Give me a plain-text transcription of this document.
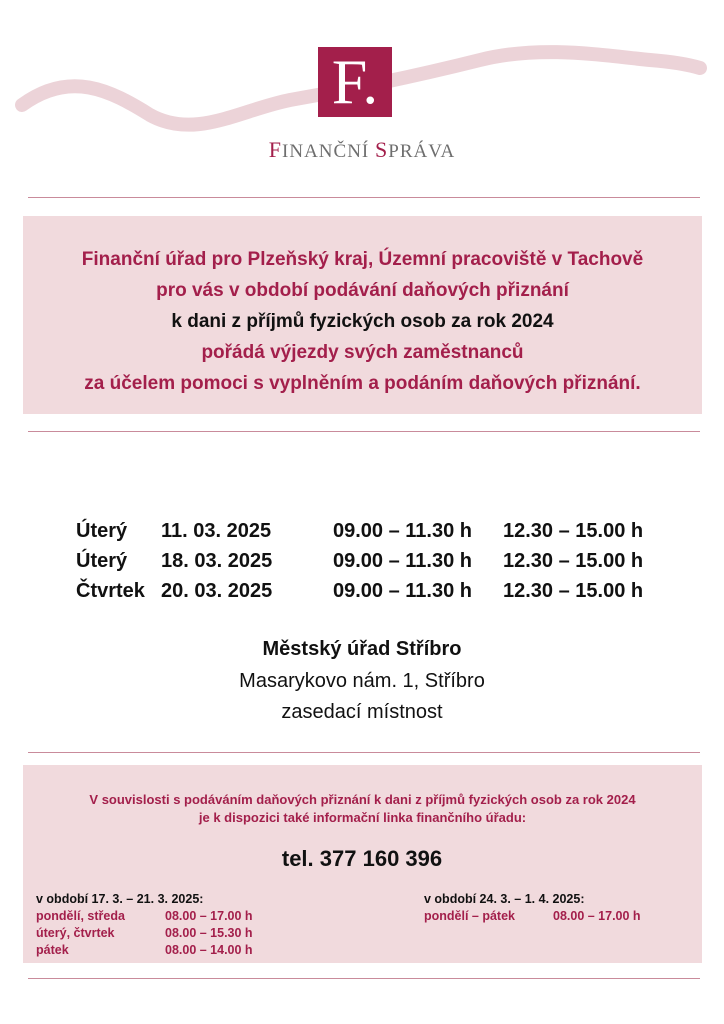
F.
FINANČNÍ SPRÁVA
Finanční úřad pro Plzeňský kraj, Územní pracoviště v Tachově
pro vás v období podávání daňových přiznání
k dani z příjmů fyzických osob za rok 2024
pořádá výjezdy svých zaměstnanců
za účelem pomoci s vyplněním a podáním daňových přiznání.
Úterý 11. 03. 2025	09.00 – 11.30 h 12.30 – 15.00 h
Úterý 18. 03. 2025	09.00 – 11.30 h 12.30 – 15.00 h
Čtvrtek 20. 03. 2025	09.00 – 11.30 h 12.30 – 15.00 h
Městský úřad Stříbro
Masarykovo nám. 1, Stříbro
zasedací místnost
V souvislosti s podáváním daňových přiznání k dani z příjmů fyzických osob za rok 2024
je k dispozici také informační linka finančního úřadu:
tel. 377 160 396
v období 17. 3. – 21. 3. 2025:
pondělí, středa	08.00 – 17.00 h
úterý, čtvrtek	08.00 – 15.30 h
pátek	08.00 – 14.00 h
v období 24. 3. – 1. 4. 2025:
pondělí – pátek	08.00 – 17.00 h
